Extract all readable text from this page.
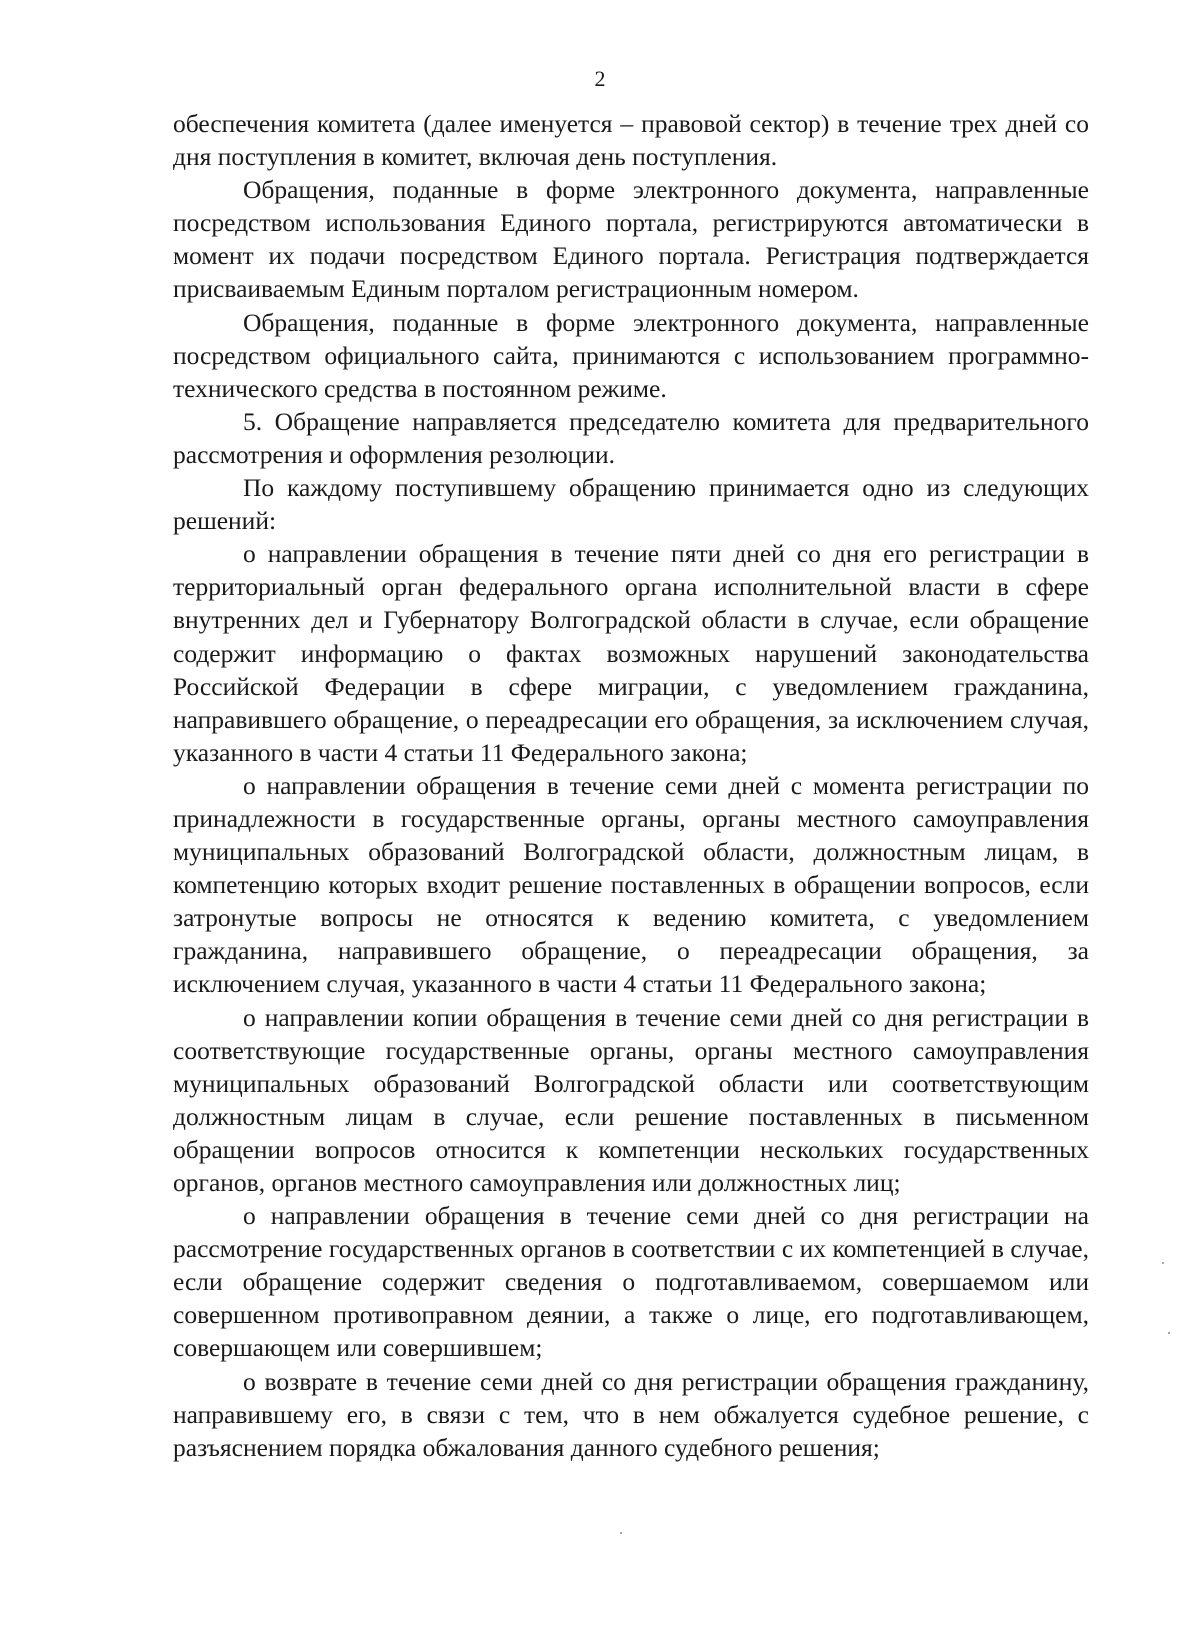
2

обеспечения комитета (далее именуется – правовой сектор) в течение трех дней со дня поступления в комитет, включая день поступления.

Обращения, поданные в форме электронного документа, направленные посредством использования Единого портала, регистрируются автоматически в момент их подачи посредством Единого портала. Регистрация подтверждается присваиваемым Единым порталом регистрационным номером.

Обращения, поданные в форме электронного документа, направленные посредством официального сайта, принимаются с использованием программно-технического средства в постоянном режиме.

5. Обращение направляется председателю комитета для предварительного рассмотрения и оформления резолюции.

По каждому поступившему обращению принимается одно из следующих решений:

о направлении обращения в течение пяти дней со дня его регистрации в территориальный орган федерального органа исполнительной власти в сфере внутренних дел и Губернатору Волгоградской области в случае, если обращение содержит информацию о фактах возможных нарушений законодательства Российской Федерации в сфере миграции, с уведомлением гражданина, направившего обращение, о переадресации его обращения, за исключением случая, указанного в части 4 статьи 11 Федерального закона;

о направлении обращения в течение семи дней с момента регистрации по принадлежности в государственные органы, органы местного самоуправления муниципальных образований Волгоградской области, должностным лицам, в компетенцию которых входит решение поставленных в обращении вопросов, если затронутые вопросы не относятся к ведению комитета, с уведомлением гражданина, направившего обращение, о переадресации обращения, за исключением случая, указанного в части 4 статьи 11 Федерального закона;

о направлении копии обращения в течение семи дней со дня регистрации в соответствующие государственные органы, органы местного самоуправления муниципальных образований Волгоградской области или соответствующим должностным лицам в случае, если решение поставленных в письменном обращении вопросов относится к компетенции нескольких государственных органов, органов местного самоуправления или должностных лиц;

о направлении обращения в течение семи дней со дня регистрации на рассмотрение государственных органов в соответствии с их компетенцией в случае, если обращение содержит сведения о подготавливаемом, совершаемом или совершенном противоправном деянии, а также о лице, его подготавливающем, совершающем или совершившем;

о возврате в течение семи дней со дня регистрации обращения гражданину, направившему его, в связи с тем, что в нем обжалуется судебное решение, с разъяснением порядка обжалования данного судебного решения;
